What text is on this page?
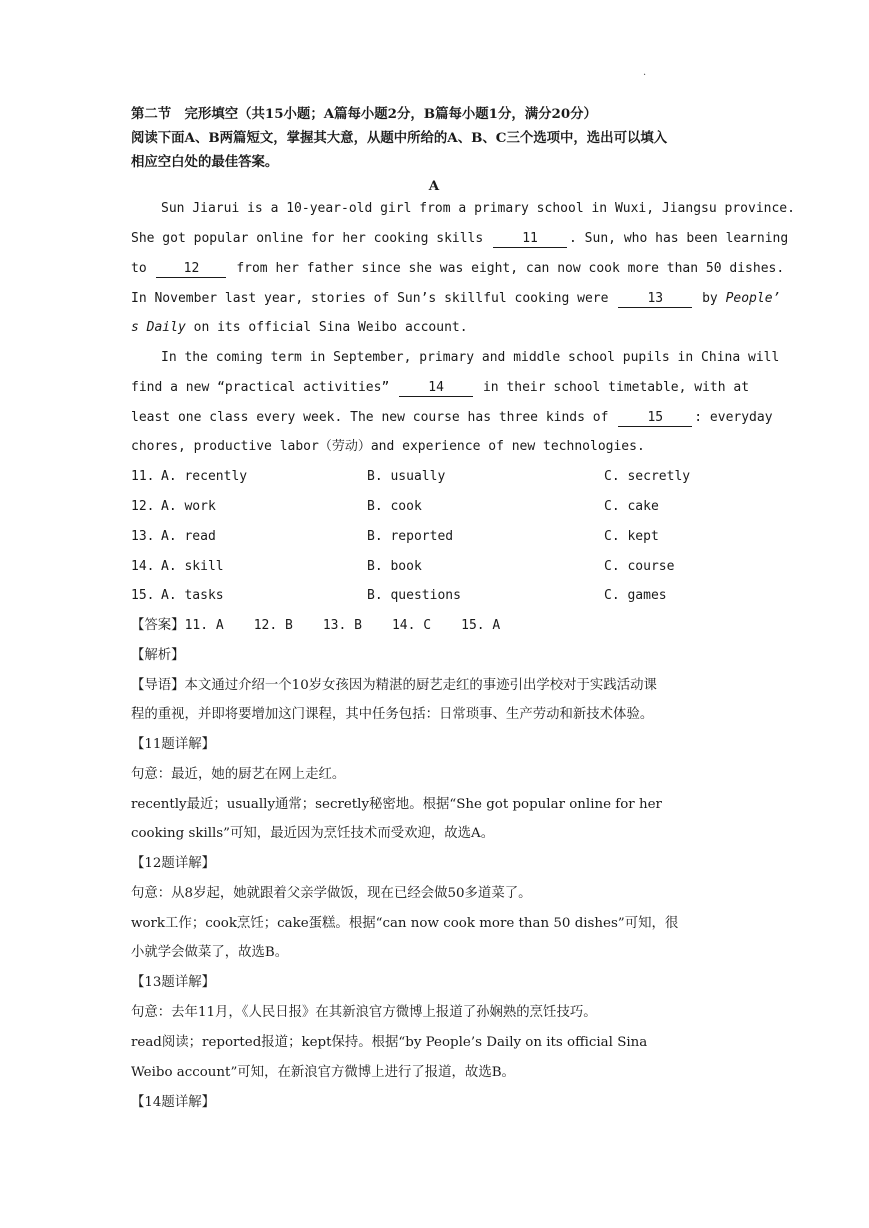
·
第二节　完形填空（共15小题；A篇每小题2分，B篇每小题1分，满分20分）
阅读下面A、B两篇短文，掌握其大意，从题中所给的A、B、C三个选项中，选出可以填入
相应空白处的最佳答案。
A
Sun Jiarui is a 10-year-old girl from a primary school in Wuxi, Jiangsu province.
She got popular online for her cooking skills	11 . Sun, who has been learning
to	12	from her father since she was eight, can now cook more than 50 dishes.
In November last year, stories of Sun’s skillful cooking were	13	by People’
s Daily on its official Sina Weibo account.
In the coming term in September, primary and middle school pupils in China will
find a new “practical activities”	14	in their school timetable, with at
least one class every week. The new course has three kinds of	15 : everyday
chores, productive labor（劳动）and experience of new technologies.
11. A. recently	B. usually	C. secretly
12. A. work	B. cook	C. cake
13. A. read	B. reported	C. kept
14. A. skill	B. book	C. course
15. A. tasks	B. questions	C. games
【答案】11. A 12. B 13. B 14. C 15. A
【解析】
【导语】本文通过介绍一个10岁女孩因为精湛的厨艺走红的事迹引出学校对于实践活动课
程的重视，并即将要增加这门课程，其中任务包括：日常琐事、生产劳动和新技术体验。
【11题详解】
句意：最近，她的厨艺在网上走红。
recently最近；usually通常；secretly秘密地。根据“She got popular online for her
cooking skills”可知，最近因为烹饪技术而受欢迎，故选A。
【12题详解】
句意：从8岁起，她就跟着父亲学做饭，现在已经会做50多道菜了。
work工作；cook烹饪；cake蛋糕。根据“can now cook more than 50 dishes”可知，很
小就学会做菜了，故选B。
【13题详解】
句意：去年11月，《人民日报》在其新浪官方微博上报道了孙娴熟的烹饪技巧。
read阅读；reported报道；kept保持。根据“by People’s Daily on its official Sina
Weibo account”可知，在新浪官方微博上进行了报道，故选B。
【14题详解】
